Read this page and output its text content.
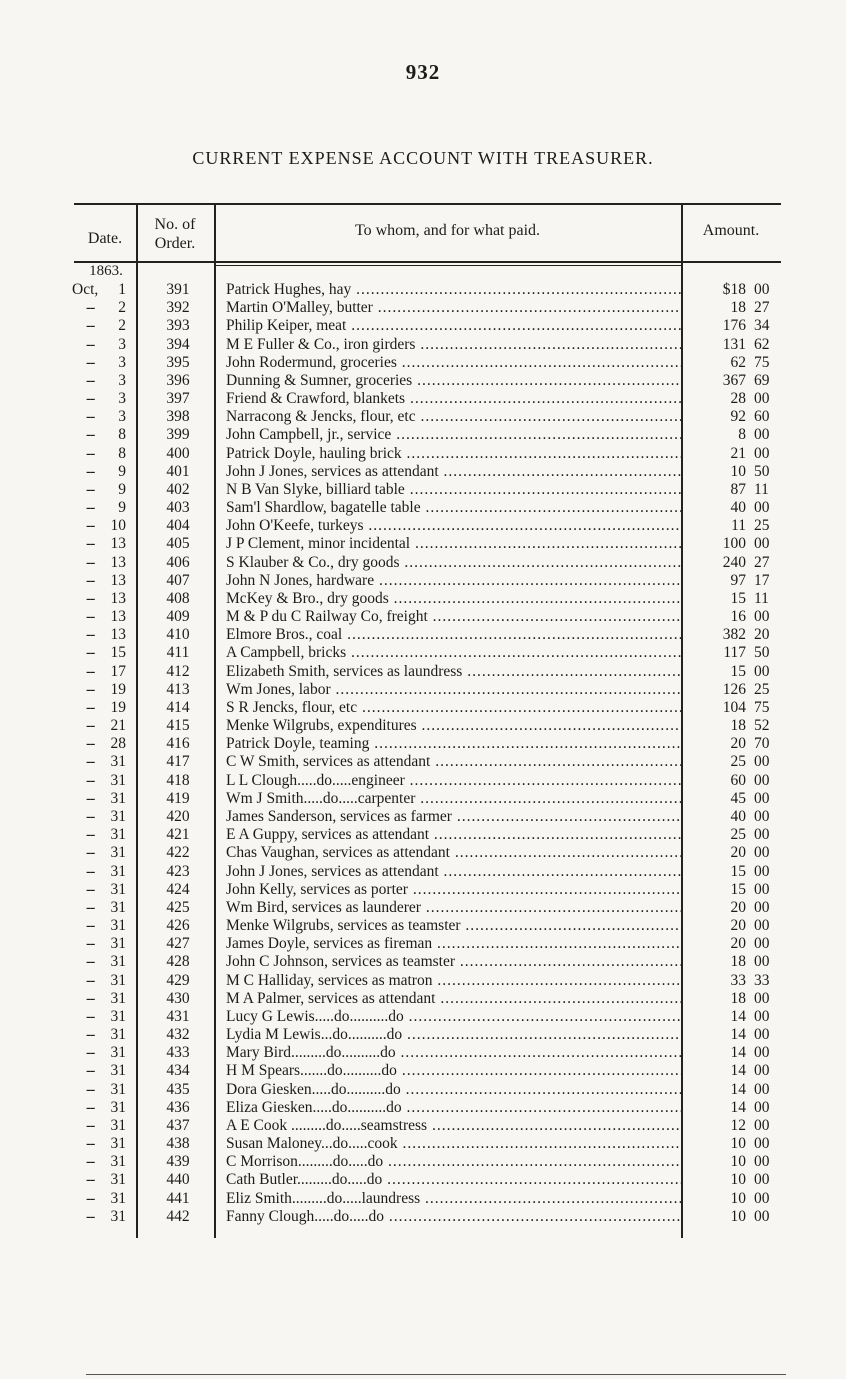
932
CURRENT EXPENSE ACCOUNT WITH TREASURER.
Date.
No. of
Order.
To whom, and for what paid.	Amount.
1863.
Oct,	1	391	Patrick Hughes, hay .....	$18 00
--	2	392	Martin O'Malley, butter .....	18 27
--	2	393	Philip Keiper, meat .....	176 34
--	3	394	M E Fuller & Co., iron girders .....	131 62
--	3	395	John Rodermund, groceries .....	62 75
--	3	396	Dunning & Sumner, groceries .....	367 69
--	3	397	Friend & Crawford, blankets .....	28 00
--	3	398	Narracong & Jencks, flour, etc .....	92 60
--	8	399	John Campbell, jr., service .....	8 00
--	8	400	Patrick Doyle, hauling brick .....	21 00
--	9	401	John J Jones, services as attendant .....	10 50
--	9	402	N B Van Slyke, billiard table .....	87 11
--	9	403	Sam'l Shardlow, bagatelle table .....	40 00
--	10	404	John O'Keefe, turkeys .....	11 25
--	13	405	J P Clement, minor incidental .....	100 00
--	13	406	S Klauber & Co., dry goods .....	240 27
--	13	407	John N Jones, hardware .....	97 17
--	13	408	McKey & Bro., dry goods .....	15 11
--	13	409	M & P du C Railway Co, freight .....	16 00
--	13	410	Elmore Bros., coal .....	382 20
--	15	411	A Campbell, bricks .....	117 50
--	17	412	Elizabeth Smith, services as laundress .....	15 00
--	19	413	Wm Jones, labor .....	126 25
--	19	414	S R Jencks, flour, etc .....	104 75
--	21	415	Menke Wilgrubs, expenditures .....	18 52
--	28	416	Patrick Doyle, teaming .....	20 70
--	31	417	C W Smith, services as attendant .....	25 00
--	31	418	L L Clough.....do.....engineer .....	60 00
--	31	419	Wm J Smith.....do.....carpenter .....	45 00
--	31	420	James Sanderson, services as farmer .....	40 00
--	31	421	E A Guppy, services as attendant .....	25 00
--	31	422	Chas Vaughan, services as attendant .....	20 00
--	31	423	John J Jones, services as attendant .....	15 00
--	31	424	John Kelly, services as porter .....	15 00
--	31	425	Wm Bird, services as launderer .....	20 00
--	31	426	Menke Wilgrubs, services as teamster .....	20 00
--	31	427	James Doyle, services as fireman .....	20 00
--	31	428	John C Johnson, services as teamster .....	18 00
--	31	429	M C Halliday, services as matron .....	33 33
--	31	430	M A Palmer, services as attendant .....	18 00
--	31	431	Lucy G Lewis.....do..........do .....	14 00
--	31	432	Lydia M Lewis...do..........do .....	14 00
--	31	433	Mary Bird.........do..........do .....	14 00
--	31	434	H M Spears.......do..........do .....	14 00
--	31	435	Dora Giesken.....do..........do .....	14 00
--	31	436	Eliza Giesken.....do..........do .....	14 00
--	31	437	A E Cook .........do.....seamstress .....	12 00
--	31	438	Susan Maloney...do.....cook .....	10 00
--	31	439	C Morrison.........do.....do .....	10 00
--	31	440	Cath Butler.........do.....do .....	10 00
--	31	441	Eliz Smith.........do.....laundress .....	10 00
--	31	442	Fanny Clough.....do.....do .....	10 00
